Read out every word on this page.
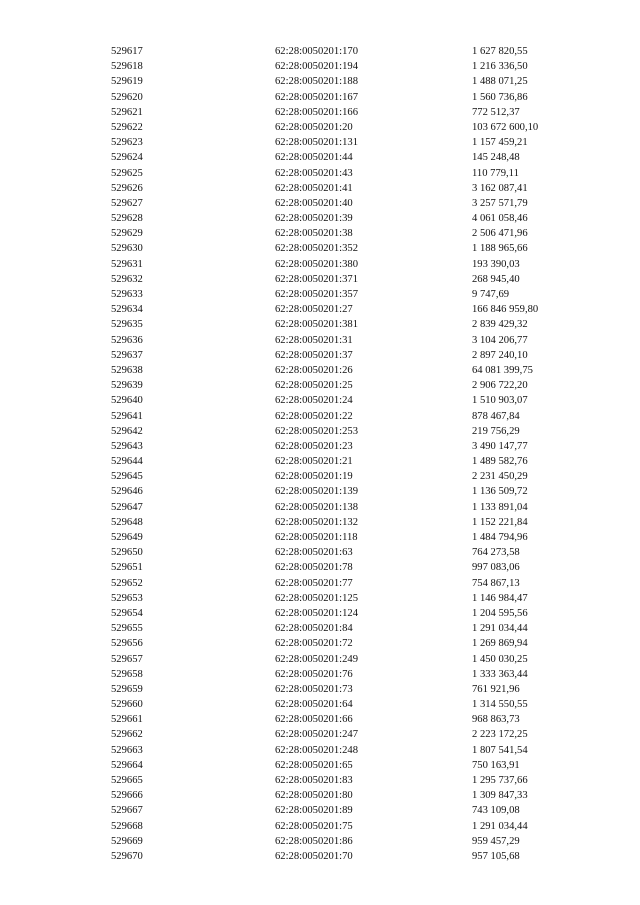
529617	62:28:0050201:170	1 627 820,55
529618	62:28:0050201:194	1 216 336,50
529619	62:28:0050201:188	1 488 071,25
529620	62:28:0050201:167	1 560 736,86
529621	62:28:0050201:166	772 512,37
529622	62:28:0050201:20	103 672 600,10
529623	62:28:0050201:131	1 157 459,21
529624	62:28:0050201:44	145 248,48
529625	62:28:0050201:43	110 779,11
529626	62:28:0050201:41	3 162 087,41
529627	62:28:0050201:40	3 257 571,79
529628	62:28:0050201:39	4 061 058,46
529629	62:28:0050201:38	2 506 471,96
529630	62:28:0050201:352	1 188 965,66
529631	62:28:0050201:380	193 390,03
529632	62:28:0050201:371	268 945,40
529633	62:28:0050201:357	9 747,69
529634	62:28:0050201:27	166 846 959,80
529635	62:28:0050201:381	2 839 429,32
529636	62:28:0050201:31	3 104 206,77
529637	62:28:0050201:37	2 897 240,10
529638	62:28:0050201:26	64 081 399,75
529639	62:28:0050201:25	2 906 722,20
529640	62:28:0050201:24	1 510 903,07
529641	62:28:0050201:22	878 467,84
529642	62:28:0050201:253	219 756,29
529643	62:28:0050201:23	3 490 147,77
529644	62:28:0050201:21	1 489 582,76
529645	62:28:0050201:19	2 231 450,29
529646	62:28:0050201:139	1 136 509,72
529647	62:28:0050201:138	1 133 891,04
529648	62:28:0050201:132	1 152 221,84
529649	62:28:0050201:118	1 484 794,96
529650	62:28:0050201:63	764 273,58
529651	62:28:0050201:78	997 083,06
529652	62:28:0050201:77	754 867,13
529653	62:28:0050201:125	1 146 984,47
529654	62:28:0050201:124	1 204 595,56
529655	62:28:0050201:84	1 291 034,44
529656	62:28:0050201:72	1 269 869,94
529657	62:28:0050201:249	1 450 030,25
529658	62:28:0050201:76	1 333 363,44
529659	62:28:0050201:73	761 921,96
529660	62:28:0050201:64	1 314 550,55
529661	62:28:0050201:66	968 863,73
529662	62:28:0050201:247	2 223 172,25
529663	62:28:0050201:248	1 807 541,54
529664	62:28:0050201:65	750 163,91
529665	62:28:0050201:83	1 295 737,66
529666	62:28:0050201:80	1 309 847,33
529667	62:28:0050201:89	743 109,08
529668	62:28:0050201:75	1 291 034,44
529669	62:28:0050201:86	959 457,29
529670	62:28:0050201:70	957 105,68
